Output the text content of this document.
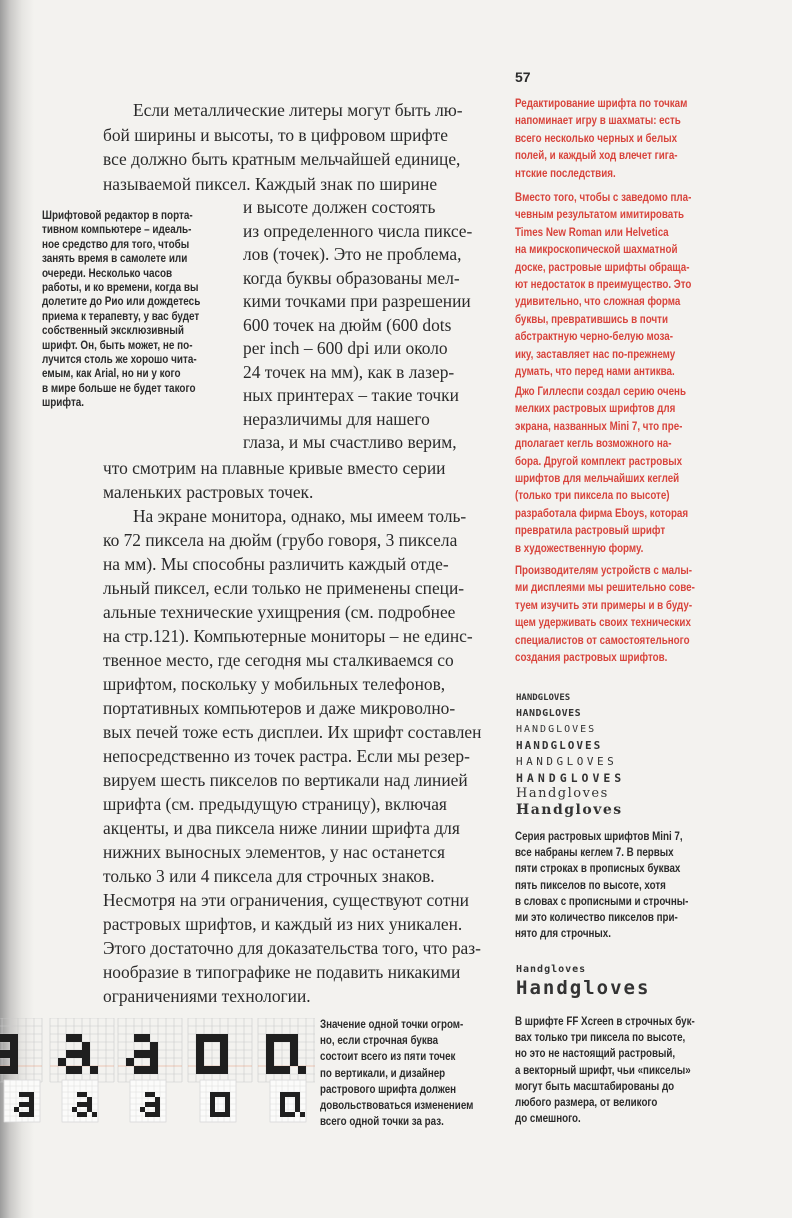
57
Если металлические литеры могут быть лю-
бой ширины и высоты, то в цифровом шрифте
все должно быть кратным мельчайшей единице,
называемой пиксел. Каждый знак по ширине
и высоте должен состоять
из определенного числа пиксе-
лов (точек). Это не проблема,
когда буквы образованы мел-
кими точками при разрешении
600 точек на дюйм (600 dots
per inch – 600 dpi или около
24 точек на мм), как в лазер-
ных принтерах – такие точки
неразличимы для нашего
глаза, и мы счастливо верим,
что смотрим на плавные кривые вместо серии
маленьких растровых точек.
На экране монитора, однако, мы имеем толь-
ко 72 пиксела на дюйм (грубо говоря, 3 пиксела
на мм). Мы способны различить каждый отде-
льный пиксел, если только не применены специ-
альные технические ухищрения (см. подробнее
на стр.121). Компьютерные мониторы – не единс-
твенное место, где сегодня мы сталкиваемся со
шрифтом, поскольку у мобильных телефонов,
портативных компьютеров и даже микроволно-
вых печей тоже есть дисплеи. Их шрифт составлен
непосредственно из точек растра. Если мы резер-
вируем шесть пикселов по вертикали над линией
шрифта (см. предыдущую страницу), включая
акценты, и два пиксела ниже линии шрифта для
нижних выносных элементов, у нас останется
только 3 или 4 пиксела для строчных знаков.
Несмотря на эти ограничения, существуют сотни
растровых шрифтов, и каждый из них уникален.
Этого достаточно для доказательства того, что раз-
нообразие в типографике не подавить никакими
ограничениями технологии.
Шрифтовой редактор в порта-
тивном компьютере – идеаль-
ное средство для того, чтобы
занять время в самолете или
очереди. Несколько часов
работы, и ко времени, когда вы
долетите до Рио или дождетесь
приема к терапевту, у вас будет
собственный эксклюзивный
шрифт. Он, быть может, не по-
лучится столь же хорошо чита-
емым, как Arial, но ни у кого
в мире больше не будет такого
шрифта.
Редактирование шрифта по точкам
напоминает игру в шахматы: есть
всего несколько черных и белых
полей, и каждый ход влечет гига-
нтские последствия.
Вместо того, чтобы с заведомо пла-
чевным результатом имитировать
Times New Roman или Helvetica
на микроскопической шахматной
доске, растровые шрифты обраща-
ют недостаток в преимущество. Это
удивительно, что сложная форма
буквы, превратившись в почти
абстрактную черно-белую моза-
ику, заставляет нас по-прежнему
думать, что перед нами антиква.
Джо Гиллеспи создал серию очень
мелких растровых шрифтов для
экрана, названных Mini 7, что пре-
дполагает кегль возможного на-
бора. Другой комплект растровых
шрифтов для мельчайших кеглей
(только три пиксела по высоте)
разработала фирма Eboys, которая
превратила растровый шрифт
в художественную форму.
Производителям устройств с малы-
ми дисплеями мы решительно сове-
туем изучить эти примеры и в буду-
щем удерживать своих технических
специалистов от самостоятельного
создания растровых шрифтов.
HANDGLOVES
HANDGLOVES
HANDGLOVES
HANDGLOVES
HANDGLOVES
HANDGLOVES
Handgloves
Handgloves
Серия растровых шрифтов Mini 7,
все набраны кеглем 7. В первых
пяти строках в прописных буквах
пять пикселов по высоте, хотя
в словах с прописными и строчны-
ми это количество пикселов при-
нято для строчных.
Handgloves
Handgloves
В шрифте FF Xcreen в строчных бук-
вах только три пиксела по высоте,
но это не настоящий растровый,
а векторный шрифт, чьи «пикселы»
могут быть масштабированы до
любого размера, от великого
до смешного.
Значение одной точки огром-
но, если строчная буква
состоит всего из пяти точек
по вертикали, и дизайнер
растрового шрифта должен
довольствоваться изменением
всего одной точки за раз.
